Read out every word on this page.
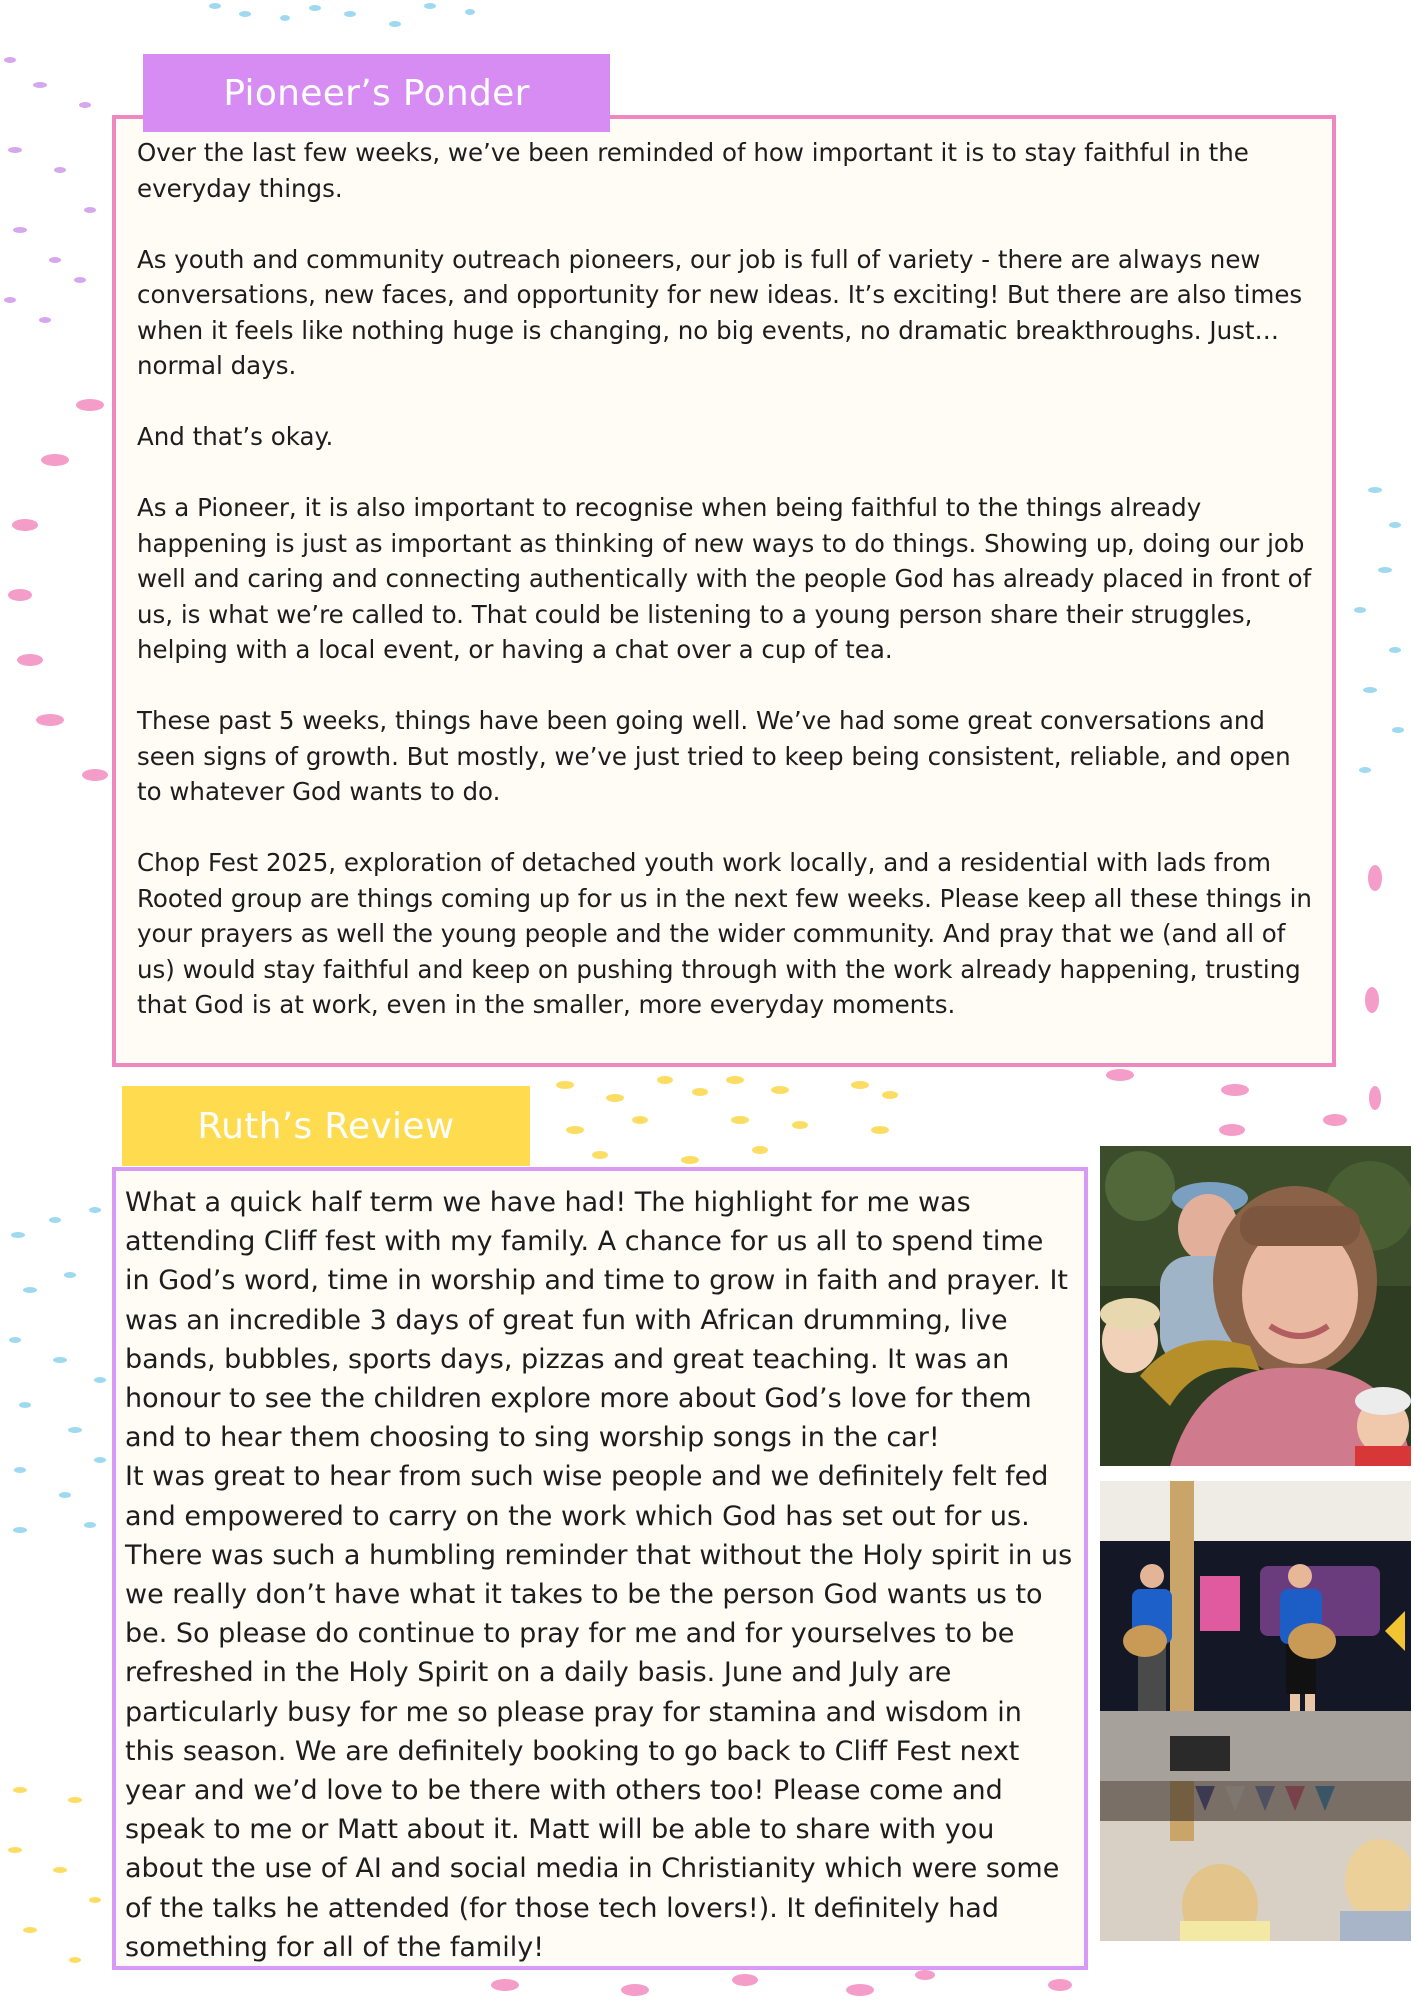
Over the last few weeks, we’ve been reminded of how important it is to stay faithful in the everyday things.

As youth and community outreach pioneers, our job is full of variety - there are always new conversations, new faces, and opportunity for new ideas. It’s exciting! But there are also times when it feels like nothing huge is changing, no big events, no dramatic breakthroughs. Just… normal days.

And that’s okay.

As a Pioneer, it is also important to recognise when being faithful to the things already happening is just as important as thinking of new ways to do things. Showing up, doing our job well and caring and connecting authentically with the people God has already placed in front of us, is what we’re called to. That could be listening to a young person share their struggles, helping with a local event, or having a chat over a cup of tea.

These past 5 weeks, things have been going well. We’ve had some great conversations and seen signs of growth. But mostly, we’ve just tried to keep being consistent, reliable, and open to whatever God wants to do.

Chop Fest 2025, exploration of detached youth work locally, and a residential with lads from Rooted group are things coming up for us in the next few weeks. Please keep all these things in your prayers as well the young people and the wider community. And pray that we (and all of us) would stay faithful and keep on pushing through with the work already happening, trusting that God is at work, even in the smaller, more everyday moments.

Pioneer’s Ponder

What a quick half term we have had! The highlight for me was attending Cliff fest with my family. A chance for us all to spend time in God’s word, time in worship and time to grow in faith and prayer. It was an incredible 3 days of great fun with African drumming, live bands, bubbles, sports days, pizzas and great teaching. It was an honour to see the children explore more about God’s love for them and to hear them choosing to sing worship songs in the car!

It was great to hear from such wise people and we definitely felt fed and empowered to carry on the work which God has set out for us. There was such a humbling reminder that without the Holy spirit in us we really don’t have what it takes to be the person God wants us to be. So please do continue to pray for me and for yourselves to be refreshed in the Holy Spirit on a daily basis. June and July are particularly busy for me so please pray for stamina and wisdom in this season. We are definitely booking to go back to Cliff Fest next year and we’d love to be there with others too! Please come and speak to me or Matt about it. Matt will be able to share with you about the use of AI and social media in Christianity which were some of the talks he attended (for those tech lovers!). It definitely had something for all of the family!

Ruth’s Review
